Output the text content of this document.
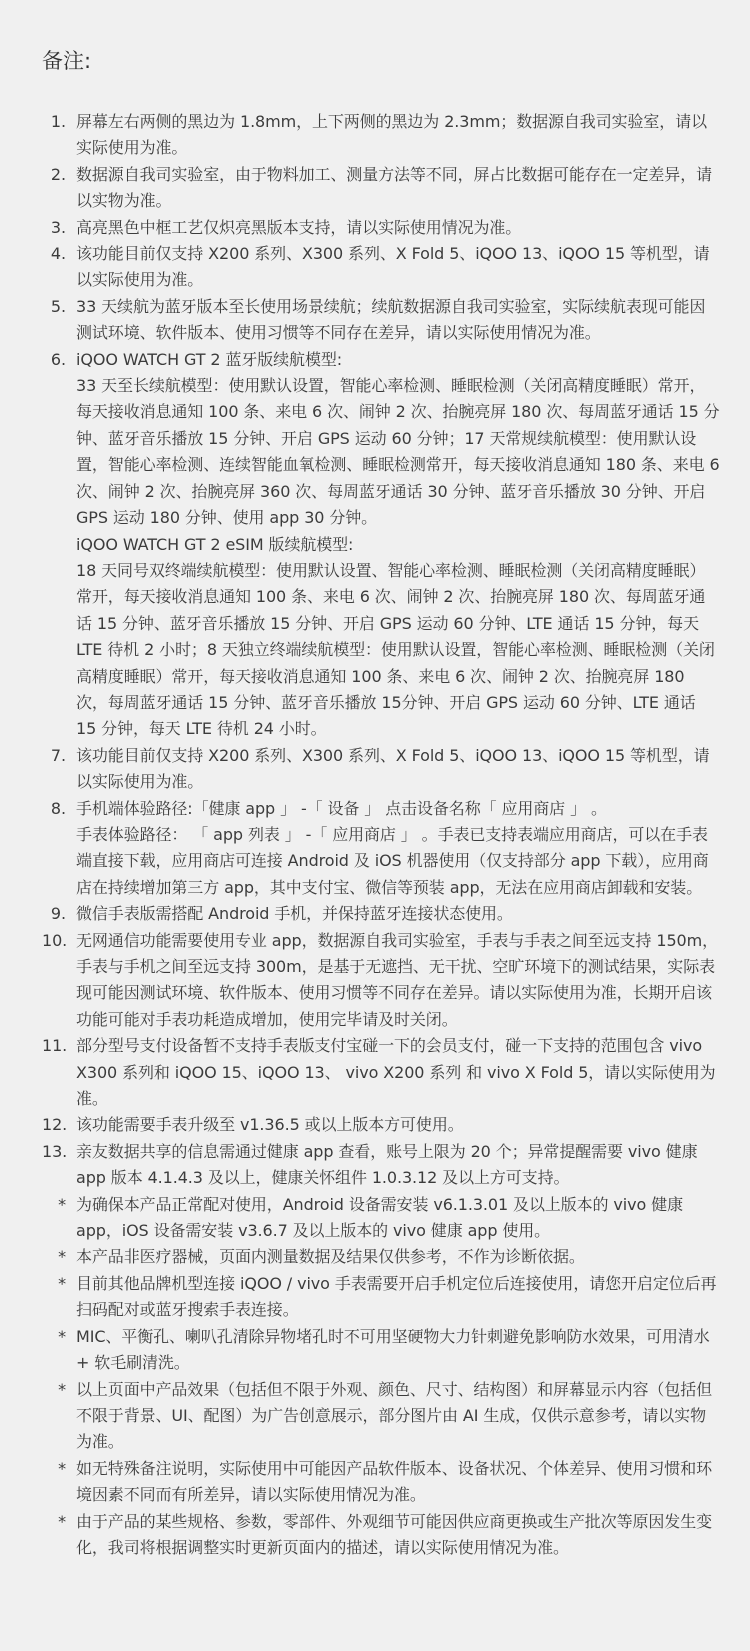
备注:
1. 屏幕左右两侧的黑边为 1.8mm，上下两侧的黑边为 2.3mm；数据源自我司实验室，请以实际使用为准。

2. 数据源自我司实验室，由于物料加工、测量方法等不同，屏占比数据可能存在一定差异，请以实物为准。

3. 高亮黑色中框工艺仅炽亮黑版本支持，请以实际使用情况为准。

4. 该功能目前仅支持 X200 系列、X300 系列、X Fold 5、iQOO 13、iQOO 15 等机型，请以实际使用为准。

5. 33 天续航为蓝牙版本至长使用场景续航；续航数据源自我司实验室，实际续航表现可能因测试环境、软件版本、使用习惯等不同存在差异，请以实际使用情况为准。

6. iQOO WATCH GT 2 蓝牙版续航模型:

33 天至长续航模型：使用默认设置，智能心率检测、睡眠检测（关闭高精度睡眠）常开，每天接收消息通知 100 条、来电 6 次、闹钟 2 次、抬腕亮屏 180 次、每周蓝牙通话 15 分钟、蓝牙音乐播放 15 分钟、开启 GPS 运动 60 分钟；17 天常规续航模型：使用默认设置，智能心率检测、连续智能血氧检测、睡眠检测常开，每天接收消息通知 180 条、来电 6 次、闹钟 2 次、抬腕亮屏 360 次、每周蓝牙通话 30 分钟、蓝牙音乐播放 30 分钟、开启 GPS 运动 180 分钟、使用 app 30 分钟。

iQOO WATCH GT 2 eSIM 版续航模型:

18 天同号双终端续航模型：使用默认设置、智能心率检测、睡眠检测（关闭高精度睡眠）常开，每天接收消息通知 100 条、来电 6 次、闹钟 2 次、抬腕亮屏 180 次、每周蓝牙通话 15 分钟、蓝牙音乐播放 15 分钟、开启 GPS 运动 60 分钟、LTE 通话 15 分钟，每天 LTE 待机 2 小时；8 天独立终端续航模型：使用默认设置，智能心率检测、睡眠检测（关闭高精度睡眠）常开，每天接收消息通知 100 条、来电 6 次、闹钟 2 次、抬腕亮屏 180 次，每周蓝牙通话 15 分钟、蓝牙音乐播放 15分钟、开启 GPS 运动 60 分钟、LTE 通话 15 分钟，每天 LTE 待机 24 小时。

7. 该功能目前仅支持 X200 系列、X300 系列、X Fold 5、iQOO 13、iQOO 15 等机型，请以实际使用为准。

8. 手机端体验路径:「健康 app 」 -「 设备 」 点击设备名称「 应用商店 」 。

手表体验路径： 「 app 列表 」 -「 应用商店 」 。手表已支持表端应用商店，可以在手表端直接下载，应用商店可连接 Android 及 iOS 机器使用（仅支持部分 app 下载），应用商店在持续增加第三方 app，其中支付宝、微信等预装 app，无法在应用商店卸载和安装。

9. 微信手表版需搭配 Android 手机，并保持蓝牙连接状态使用。

10. 无网通信功能需要使用专业 app，数据源自我司实验室，手表与手表之间至远支持 150m，手表与手机之间至远支持 300m，是基于无遮挡、无干扰、空旷环境下的测试结果，实际表现可能因测试环境、软件版本、使用习惯等不同存在差异。请以实际使用为准，长期开启该功能可能对手表功耗造成增加，使用完毕请及时关闭。

11. 部分型号支付设备暂不支持手表版支付宝碰一下的会员支付，碰一下支持的范围包含 vivo X300 系列和 iQOO 15、iQOO 13、 vivo X200 系列 和 vivo X Fold 5，请以实际使用为准。

12. 该功能需要手表升级至 v1.36.5 或以上版本方可使用。

13. 亲友数据共享的信息需通过健康 app 查看，账号上限为 20 个；异常提醒需要 vivo 健康 app 版本 4.1.4.3 及以上，健康关怀组件 1.0.3.12 及以上方可支持。

* 为确保本产品正常配对使用，Android 设备需安装 v6.1.3.01 及以上版本的 vivo 健康 app，iOS 设备需安装 v3.6.7 及以上版本的 vivo 健康 app 使用。

* 本产品非医疗器械，页面内测量数据及结果仅供参考，不作为诊断依据。

* 目前其他品牌机型连接 iQOO / vivo 手表需要开启手机定位后连接使用，请您开启定位后再扫码配对或蓝牙搜索手表连接。

* MIC、平衡孔、喇叭孔清除异物堵孔时不可用坚硬物大力针刺避免影响防水效果，可用清水 + 软毛刷清洗。

* 以上页面中产品效果（包括但不限于外观、颜色、尺寸、结构图）和屏幕显示内容（包括但不限于背景、UI、配图）为广告创意展示，部分图片由 AI 生成，仅供示意参考，请以实物为准。

* 如无特殊备注说明，实际使用中可能因产品软件版本、设备状况、个体差异、使用习惯和环境因素不同而有所差异，请以实际使用情况为准。

* 由于产品的某些规格、参数，零部件、外观细节可能因供应商更换或生产批次等原因发生变化，我司将根据调整实时更新页面内的描述，请以实际使用情况为准。
